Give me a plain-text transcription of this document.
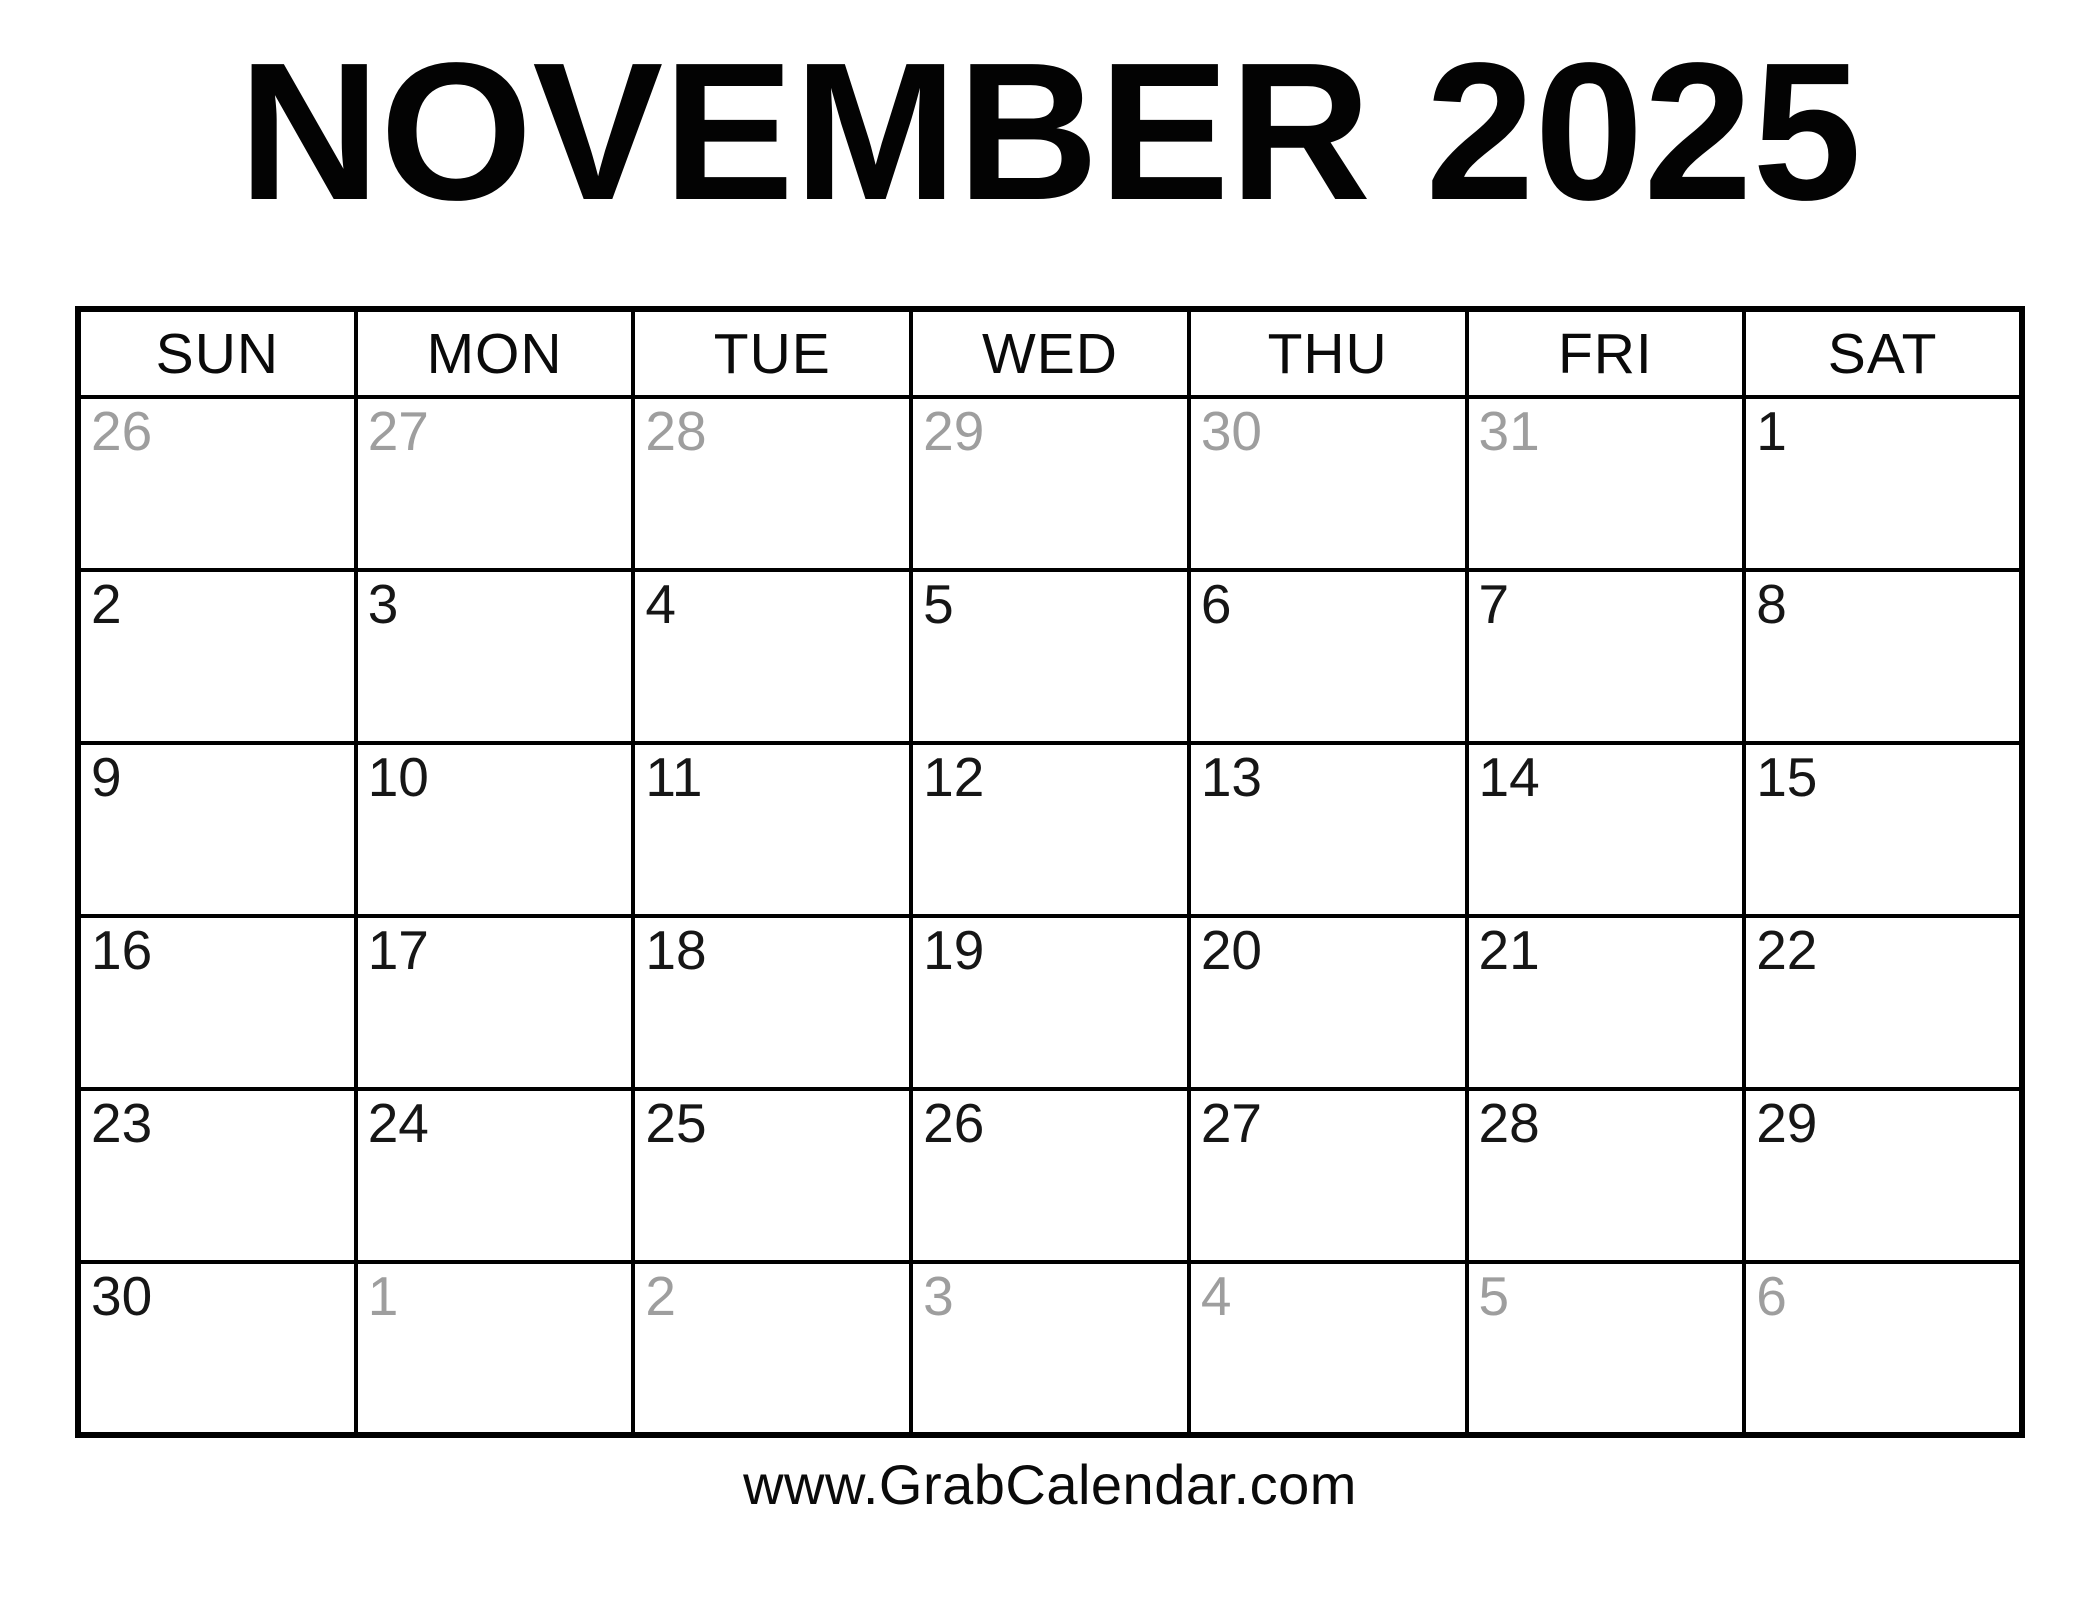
NOVEMBER 2025
SUN	MON	TUE	WED	THU	FRI	SAT
26	27	28	29	30	31	1
2	3	4	5	6	7	8
9	10	11	12	13	14	15
16	17	18	19	20	21	22
23	24	25	26	27	28	29
30	1	2	3	4	5	6
www.GrabCalendar.com
